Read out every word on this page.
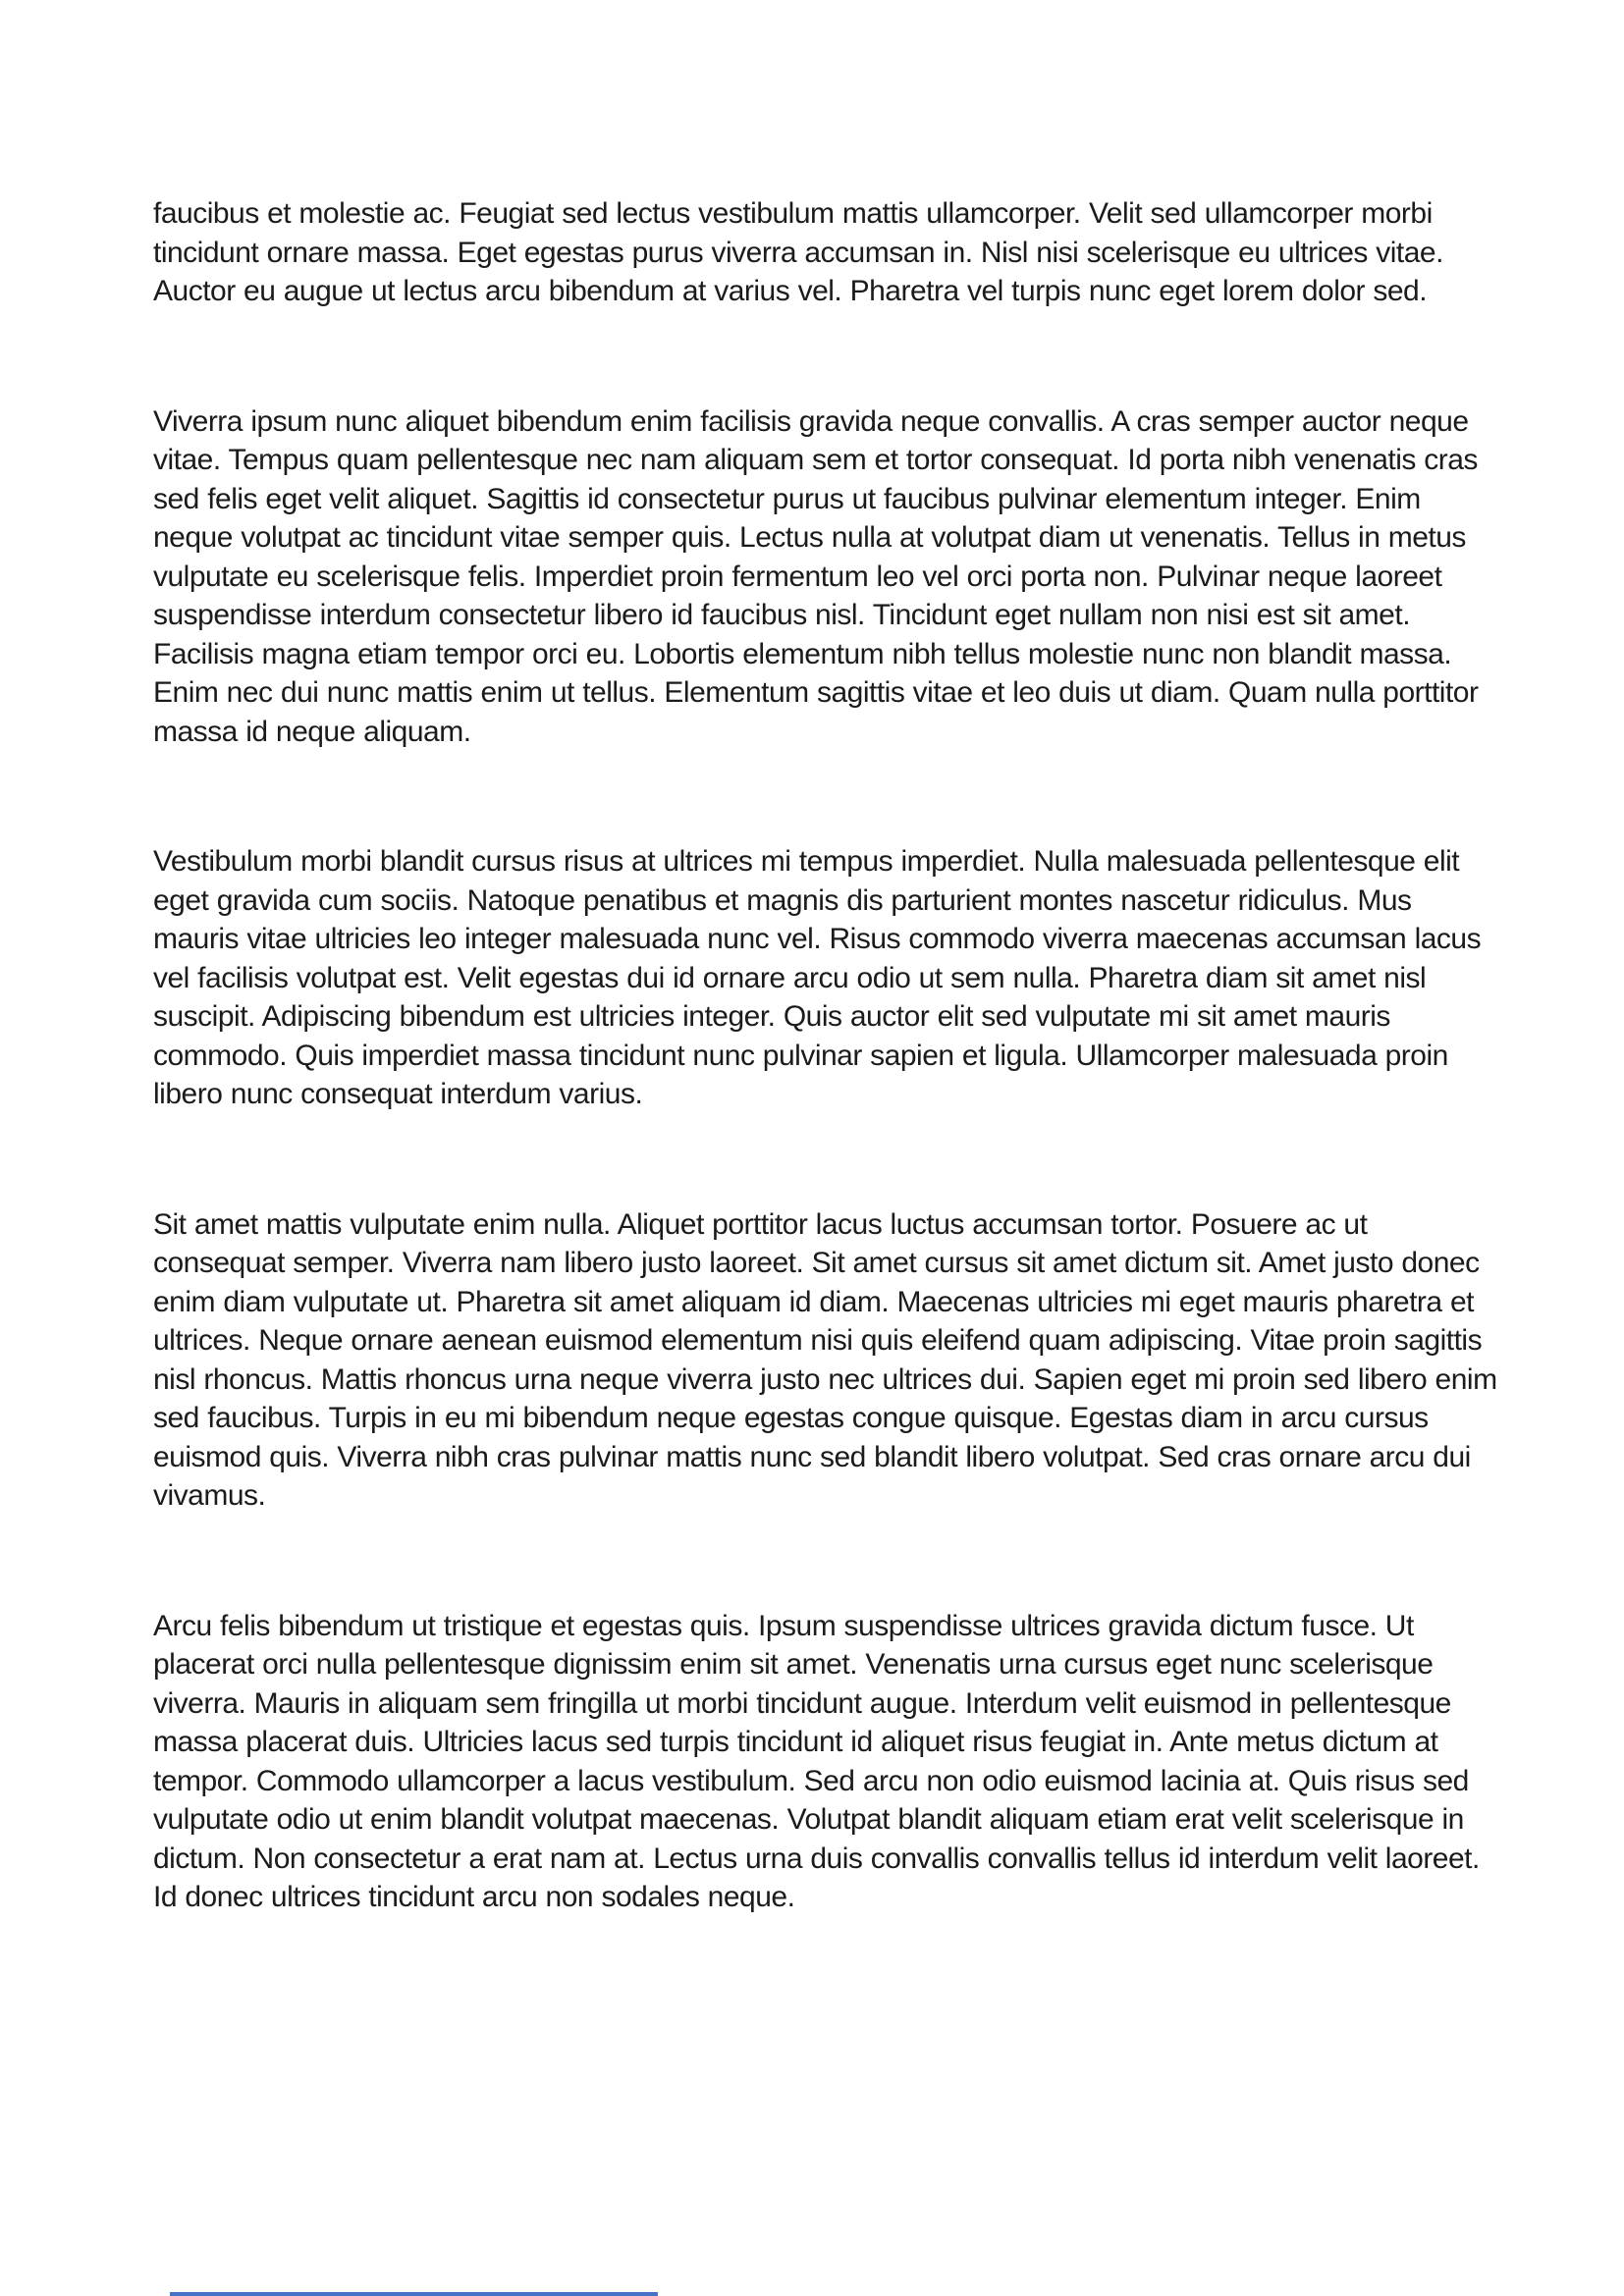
faucibus et molestie ac. Feugiat sed lectus vestibulum mattis ullamcorper. Velit sed ullamcorper morbi tincidunt ornare massa. Eget egestas purus viverra accumsan in. Nisl nisi scelerisque eu ultrices vitae. Auctor eu augue ut lectus arcu bibendum at varius vel. Pharetra vel turpis nunc eget lorem dolor sed.

Viverra ipsum nunc aliquet bibendum enim facilisis gravida neque convallis. A cras semper auctor neque vitae. Tempus quam pellentesque nec nam aliquam sem et tortor consequat. Id porta nibh venenatis cras sed felis eget velit aliquet. Sagittis id consectetur purus ut faucibus pulvinar elementum integer. Enim neque volutpat ac tincidunt vitae semper quis. Lectus nulla at volutpat diam ut venenatis. Tellus in metus vulputate eu scelerisque felis. Imperdiet proin fermentum leo vel orci porta non. Pulvinar neque laoreet suspendisse interdum consectetur libero id faucibus nisl. Tincidunt eget nullam non nisi est sit amet. Facilisis magna etiam tempor orci eu. Lobortis elementum nibh tellus molestie nunc non blandit massa. Enim nec dui nunc mattis enim ut tellus. Elementum sagittis vitae et leo duis ut diam. Quam nulla porttitor massa id neque aliquam.

Vestibulum morbi blandit cursus risus at ultrices mi tempus imperdiet. Nulla malesuada pellentesque elit eget gravida cum sociis. Natoque penatibus et magnis dis parturient montes nascetur ridiculus. Mus mauris vitae ultricies leo integer malesuada nunc vel. Risus commodo viverra maecenas accumsan lacus vel facilisis volutpat est. Velit egestas dui id ornare arcu odio ut sem nulla. Pharetra diam sit amet nisl suscipit. Adipiscing bibendum est ultricies integer. Quis auctor elit sed vulputate mi sit amet mauris commodo. Quis imperdiet massa tincidunt nunc pulvinar sapien et ligula. Ullamcorper malesuada proin libero nunc consequat interdum varius.

Sit amet mattis vulputate enim nulla. Aliquet porttitor lacus luctus accumsan tortor. Posuere ac ut consequat semper. Viverra nam libero justo laoreet. Sit amet cursus sit amet dictum sit. Amet justo donec enim diam vulputate ut. Pharetra sit amet aliquam id diam. Maecenas ultricies mi eget mauris pharetra et ultrices. Neque ornare aenean euismod elementum nisi quis eleifend quam adipiscing. Vitae proin sagittis nisl rhoncus. Mattis rhoncus urna neque viverra justo nec ultrices dui. Sapien eget mi proin sed libero enim sed faucibus. Turpis in eu mi bibendum neque egestas congue quisque. Egestas diam in arcu cursus euismod quis. Viverra nibh cras pulvinar mattis nunc sed blandit libero volutpat. Sed cras ornare arcu dui vivamus.

Arcu felis bibendum ut tristique et egestas quis. Ipsum suspendisse ultrices gravida dictum fusce. Ut placerat orci nulla pellentesque dignissim enim sit amet. Venenatis urna cursus eget nunc scelerisque viverra. Mauris in aliquam sem fringilla ut morbi tincidunt augue. Interdum velit euismod in pellentesque massa placerat duis. Ultricies lacus sed turpis tincidunt id aliquet risus feugiat in. Ante metus dictum at tempor. Commodo ullamcorper a lacus vestibulum. Sed arcu non odio euismod lacinia at. Quis risus sed vulputate odio ut enim blandit volutpat maecenas. Volutpat blandit aliquam etiam erat velit scelerisque in dictum. Non consectetur a erat nam at. Lectus urna duis convallis convallis tellus id interdum velit laoreet. Id donec ultrices tincidunt arcu non sodales neque.
